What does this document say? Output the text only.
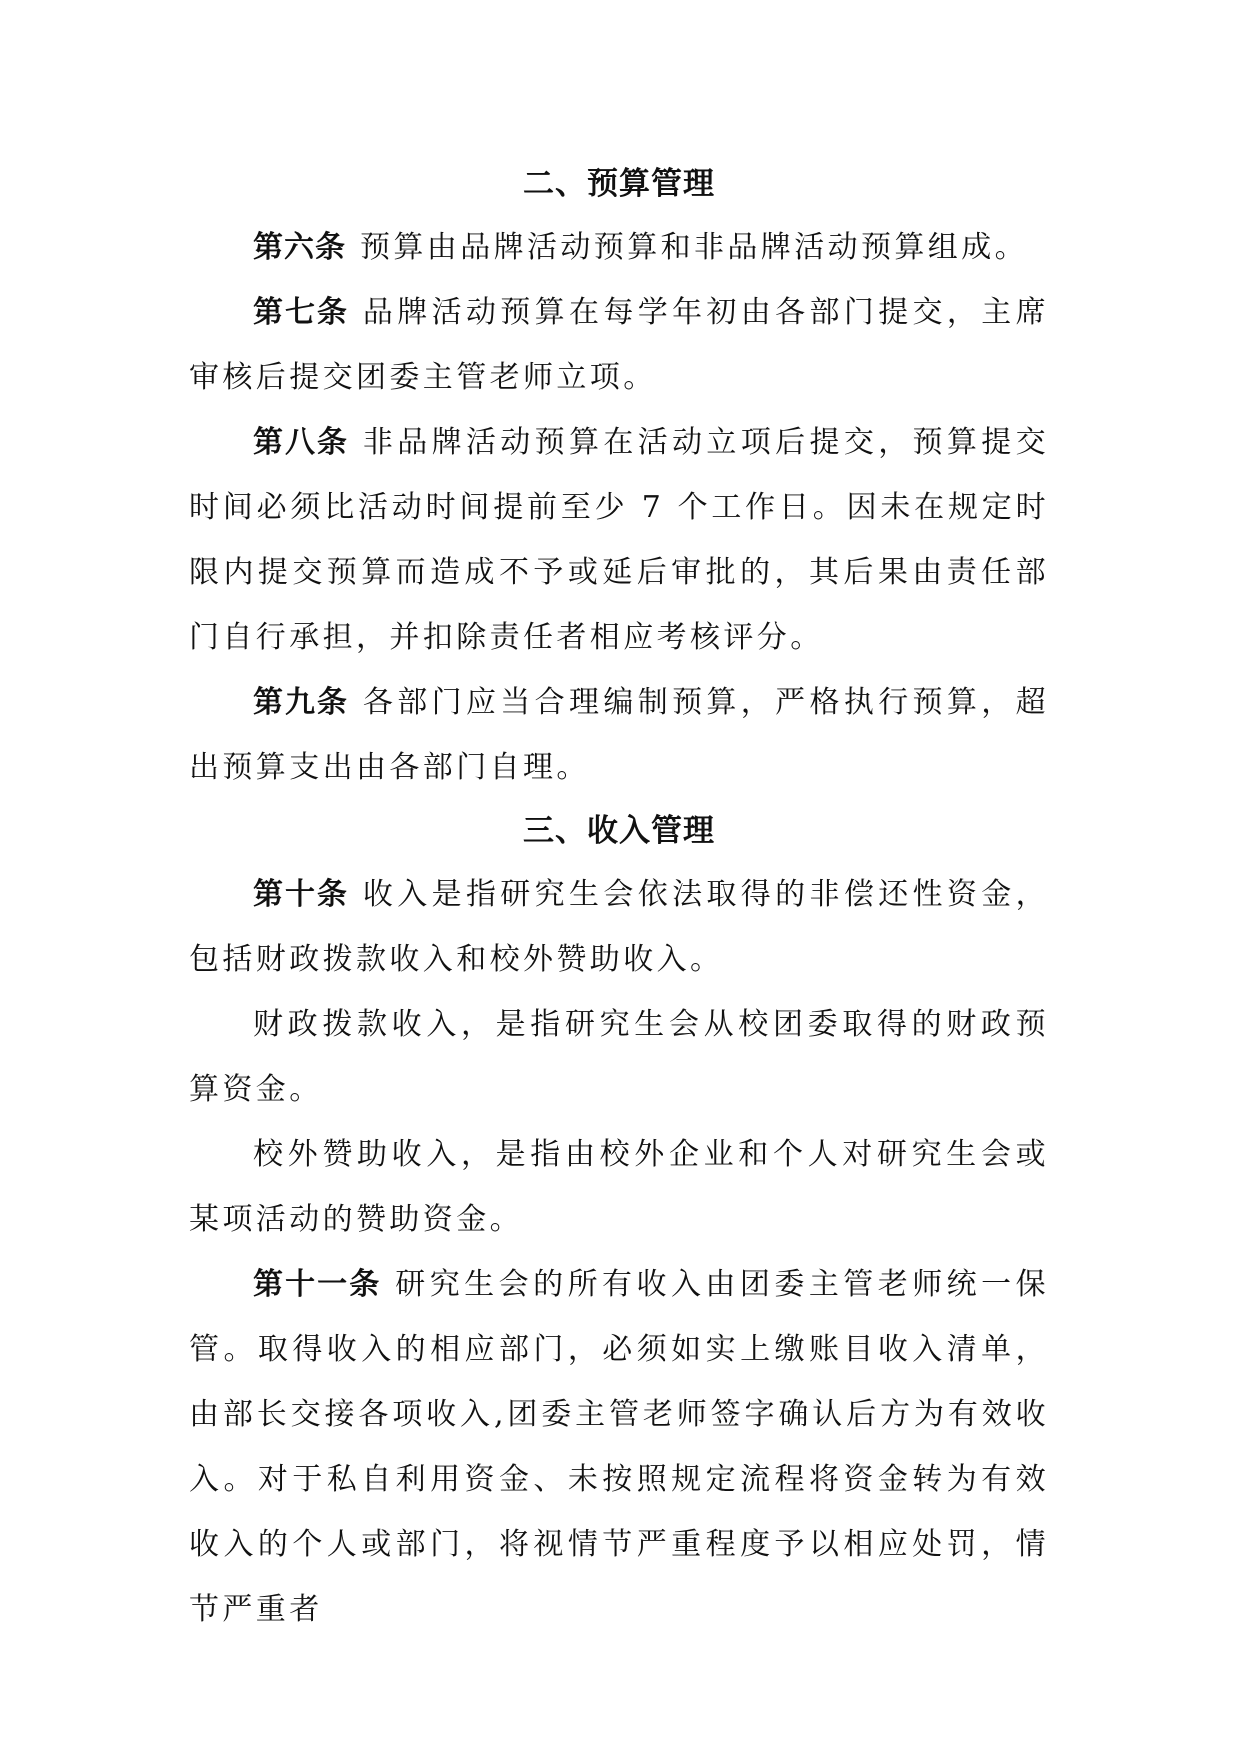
二、预算管理

第六条 预算由品牌活动预算和非品牌活动预算组成。

第七条 品牌活动预算在每学年初由各部门提交，主席审核后提交团委主管老师立项。

第八条 非品牌活动预算在活动立项后提交，预算提交时间必须比活动时间提前至少 7 个工作日。因未在规定时限内提交预算而造成不予或延后审批的，其后果由责任部门自行承担，并扣除责任者相应考核评分。

第九条 各部门应当合理编制预算，严格执行预算，超出预算支出由各部门自理。

三、收入管理

第十条 收入是指研究生会依法取得的非偿还性资金，包括财政拨款收入和校外赞助收入。

财政拨款收入，是指研究生会从校团委取得的财政预算资金。

校外赞助收入，是指由校外企业和个人对研究生会或某项活动的赞助资金。

第十一条 研究生会的所有收入由团委主管老师统一保管。取得收入的相应部门，必须如实上缴账目收入清单，由部长交接各项收入,团委主管老师签字确认后方为有效收入。对于私自利用资金、未按照规定流程将资金转为有效收入的个人或部门，将视情节严重程度予以相应处罚，情节严重者
